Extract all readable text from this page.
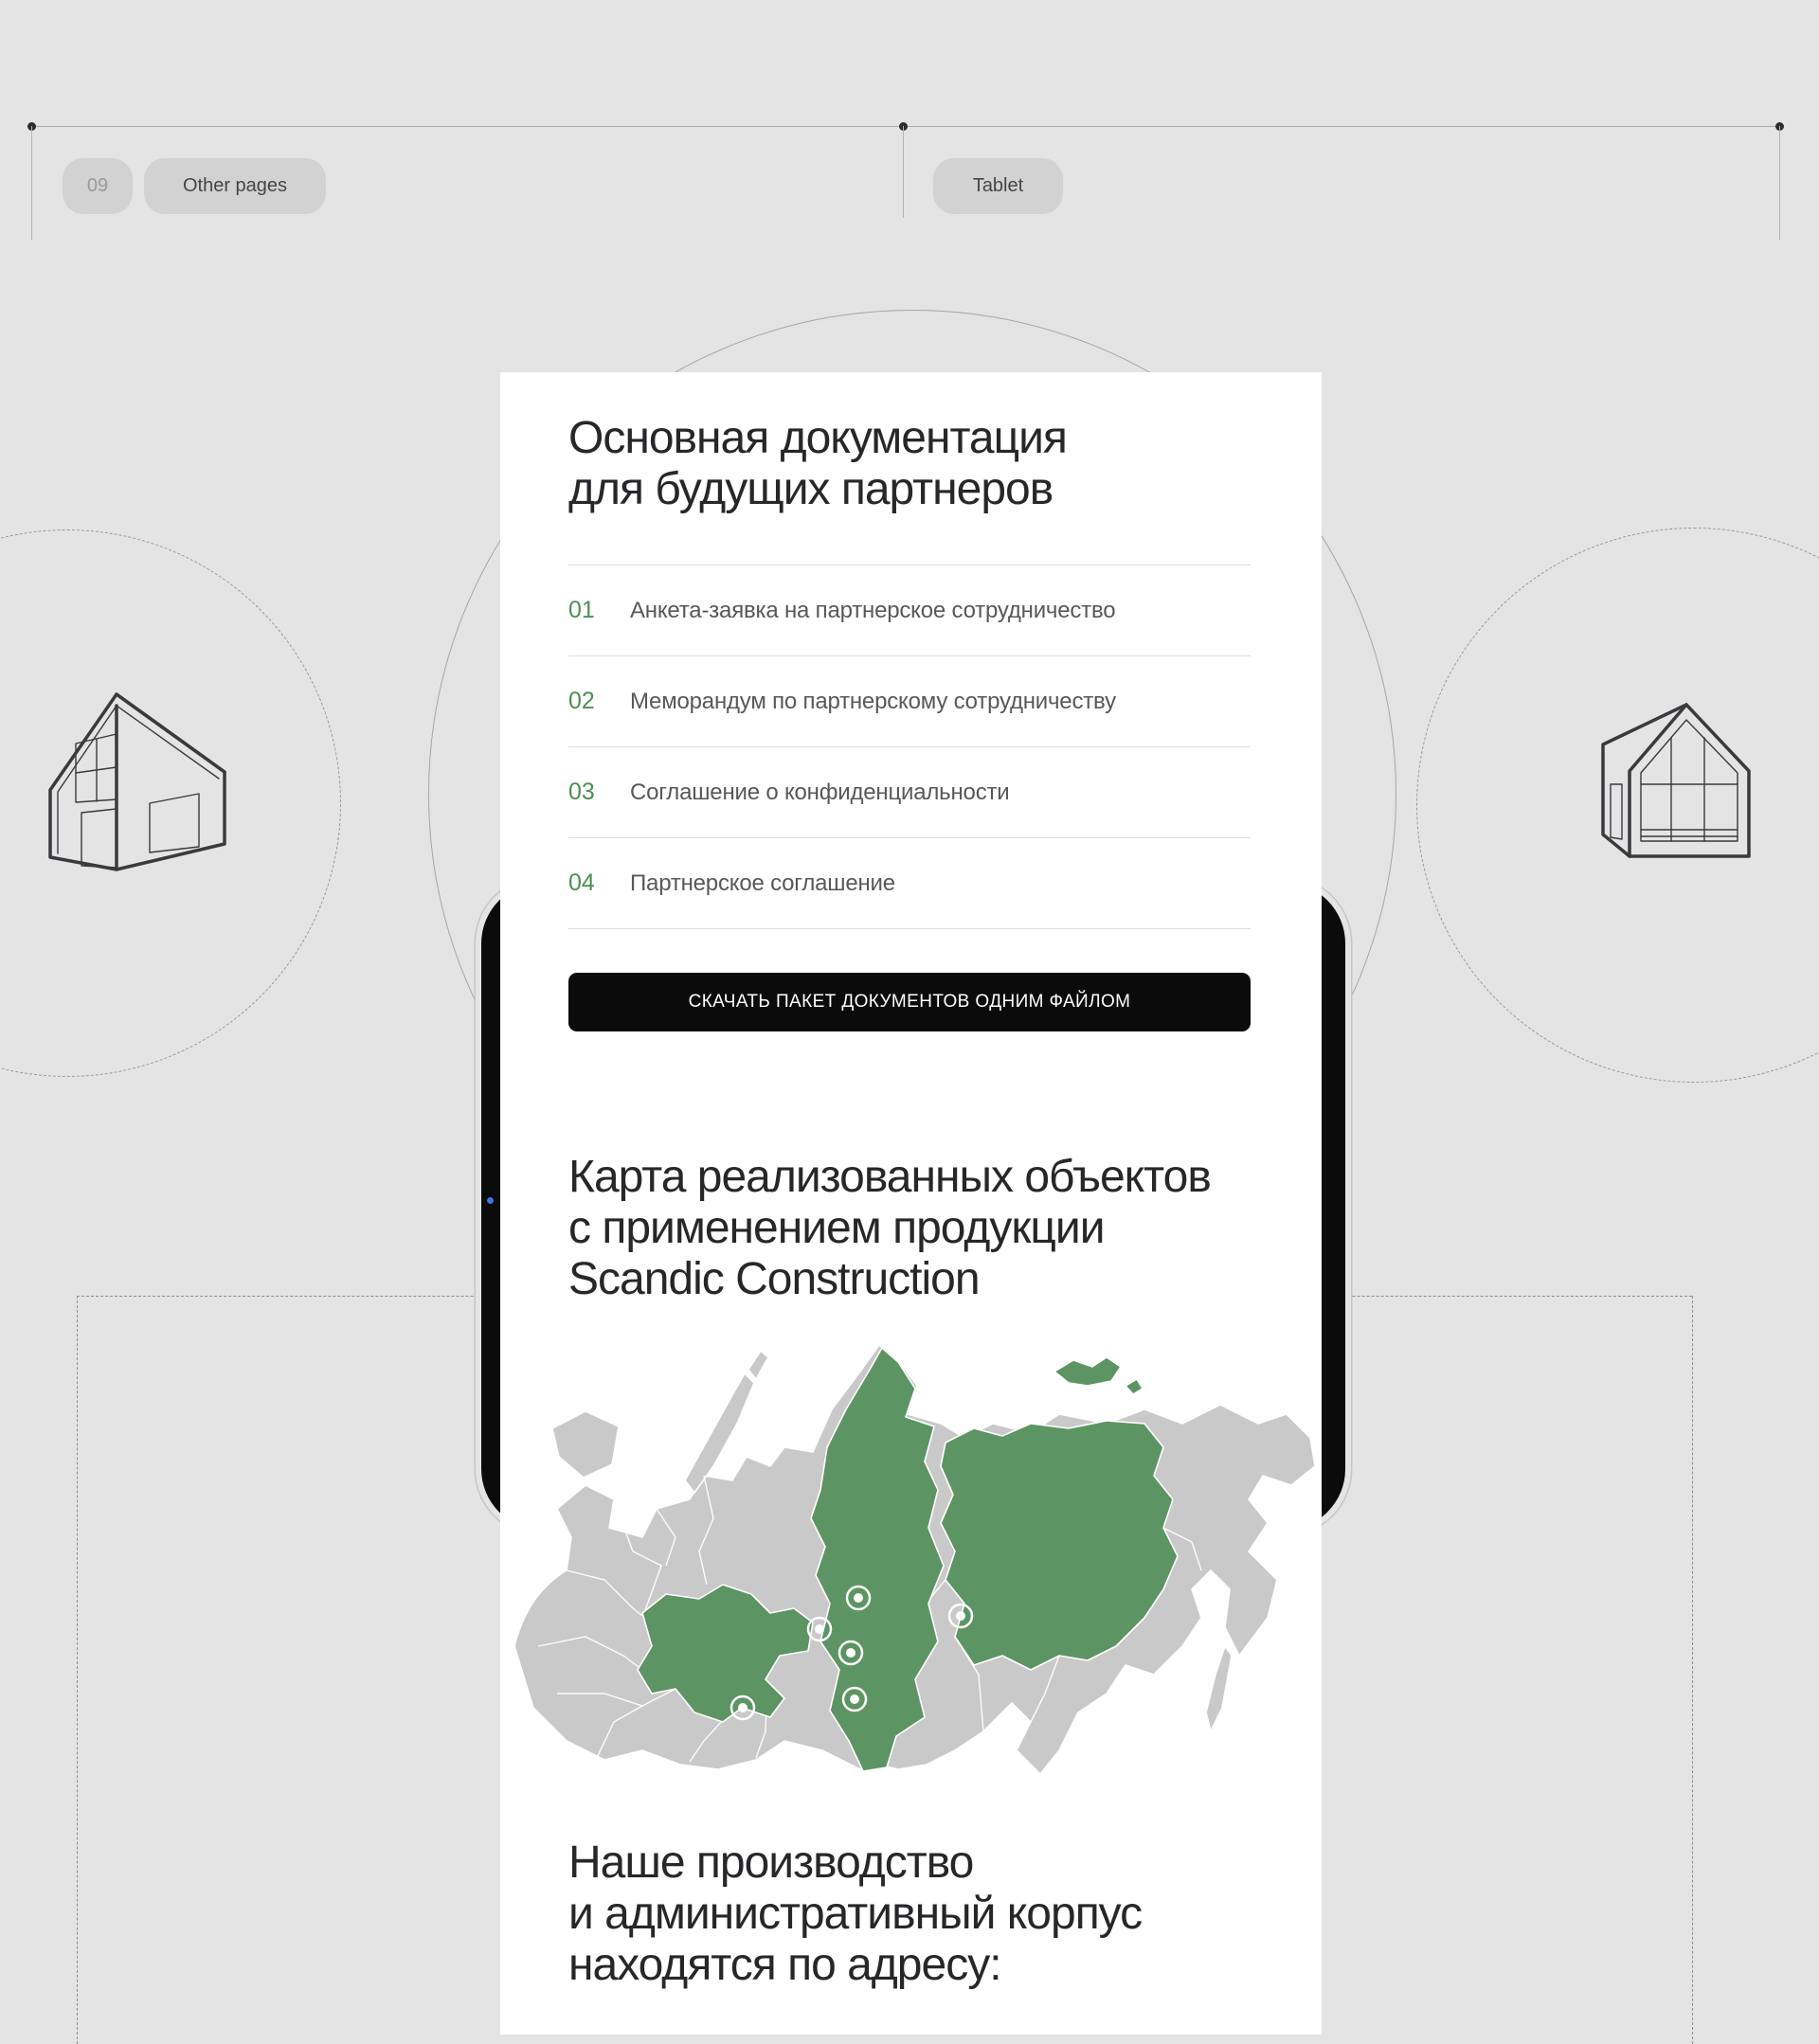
09	Other pages	Tablet
Основная документация
для будущих партнеров
01	Анкета-заявка на партнерское сотрудничество
02	Меморандум по партнерскому сотрудничеству
03	Соглашение о конфиденциальности
04	Партнерское соглашение
СКАЧАТЬ ПАКЕТ ДОКУМЕНТОВ ОДНИМ ФАЙЛОМ
Карта реализованных объектов
с применением продукции
Scandic Construction
Наше производство
и административный корпус
находятся по адресу:
